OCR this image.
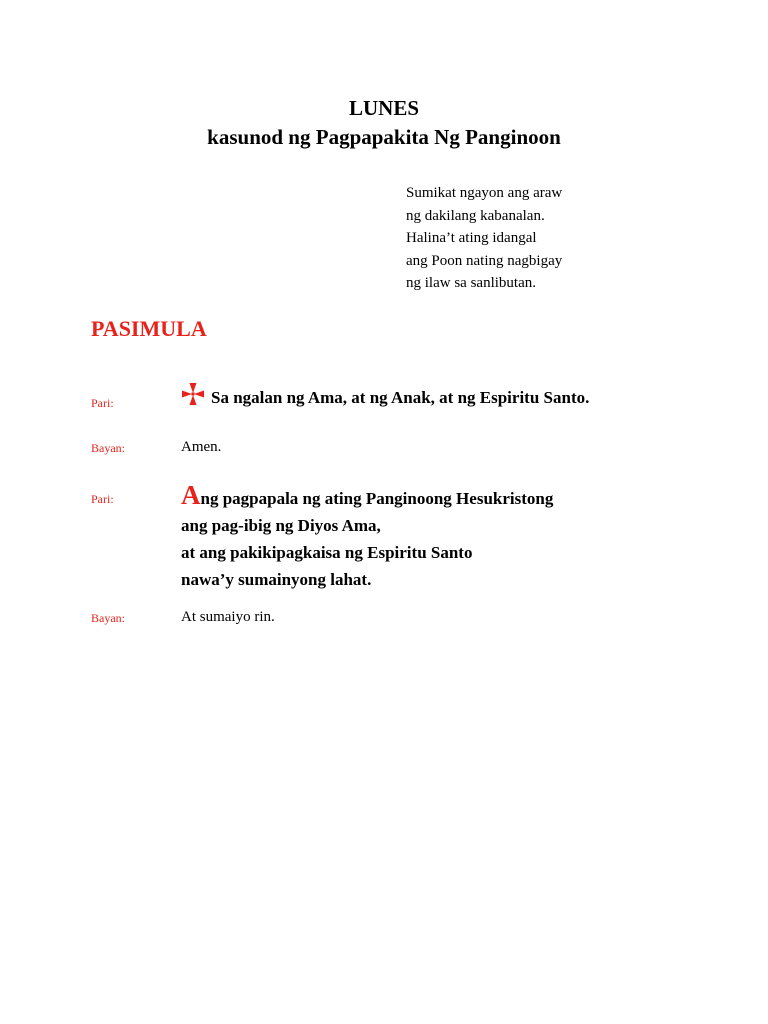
LUNES
kasunod ng Pagpapakita Ng Panginoon
Sumikat ngayon ang araw
ng dakilang kabanalan.
Halina’t ating idangal
ang Poon nating nagbigay
ng ilaw sa sanlibutan.
PASIMULA
Pari:	Sa ngalan ng Ama, at ng Anak, at ng Espiritu Santo.
Bayan:	Amen.
Pari: Ang pagpapala ng ating Panginoong Hesukristong
ang pag-ibig ng Diyos Ama,
at ang pakikipagkaisa ng Espiritu Santo
nawa’y sumainyong lahat.
Bayan:	At sumaiyo rin.
